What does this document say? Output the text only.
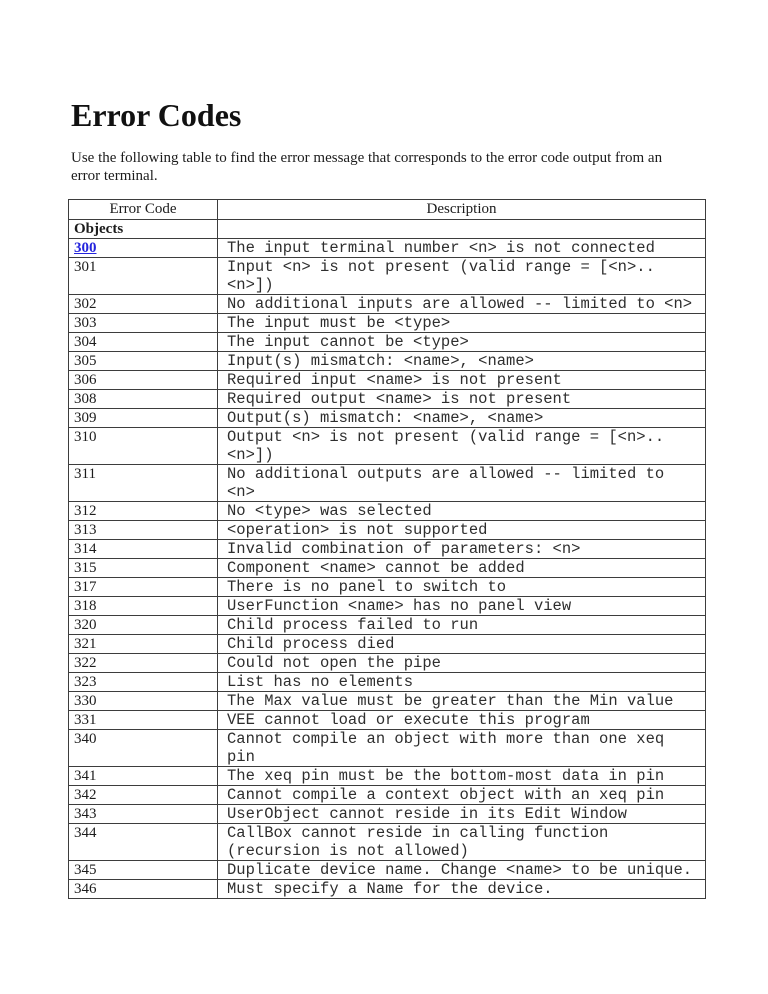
Error Codes
Use the following table to find the error message that corresponds to the error code output from an
error terminal.
Error Code	Description
Objects	
300	The input terminal number <n> is not connected
301	Input <n> is not present (valid range = [<n>..<n>])
302	No additional inputs are allowed -- limited to <n>
303	The input must be <type>
304	The input cannot be <type>
305	Input(s) mismatch: <name>, <name>
306	Required input <name> is not present
308	Required output <name> is not present
309	Output(s) mismatch: <name>, <name>
310	Output <n> is not present (valid range = [<n>..<n>])
311	No additional outputs are allowed -- limited to <n>
312	No <type> was selected
313	<operation> is not supported
314	Invalid combination of parameters: <n>
315	Component <name> cannot be added
317	There is no panel to switch to
318	UserFunction <name> has no panel view
320	Child process failed to run
321	Child process died
322	Could not open the pipe
323	List has no elements
330	The Max value must be greater than the Min value
331	VEE cannot load or execute this program
340	Cannot compile an object with more than one xeq pin
341	The xeq pin must be the bottom-most data in pin
342	Cannot compile a context object with an xeq pin
343	UserObject cannot reside in its Edit Window
344	CallBox cannot reside in calling function (recursion is not allowed)
345	Duplicate device name. Change <name> to be unique.
346	Must specify a Name for the device.
